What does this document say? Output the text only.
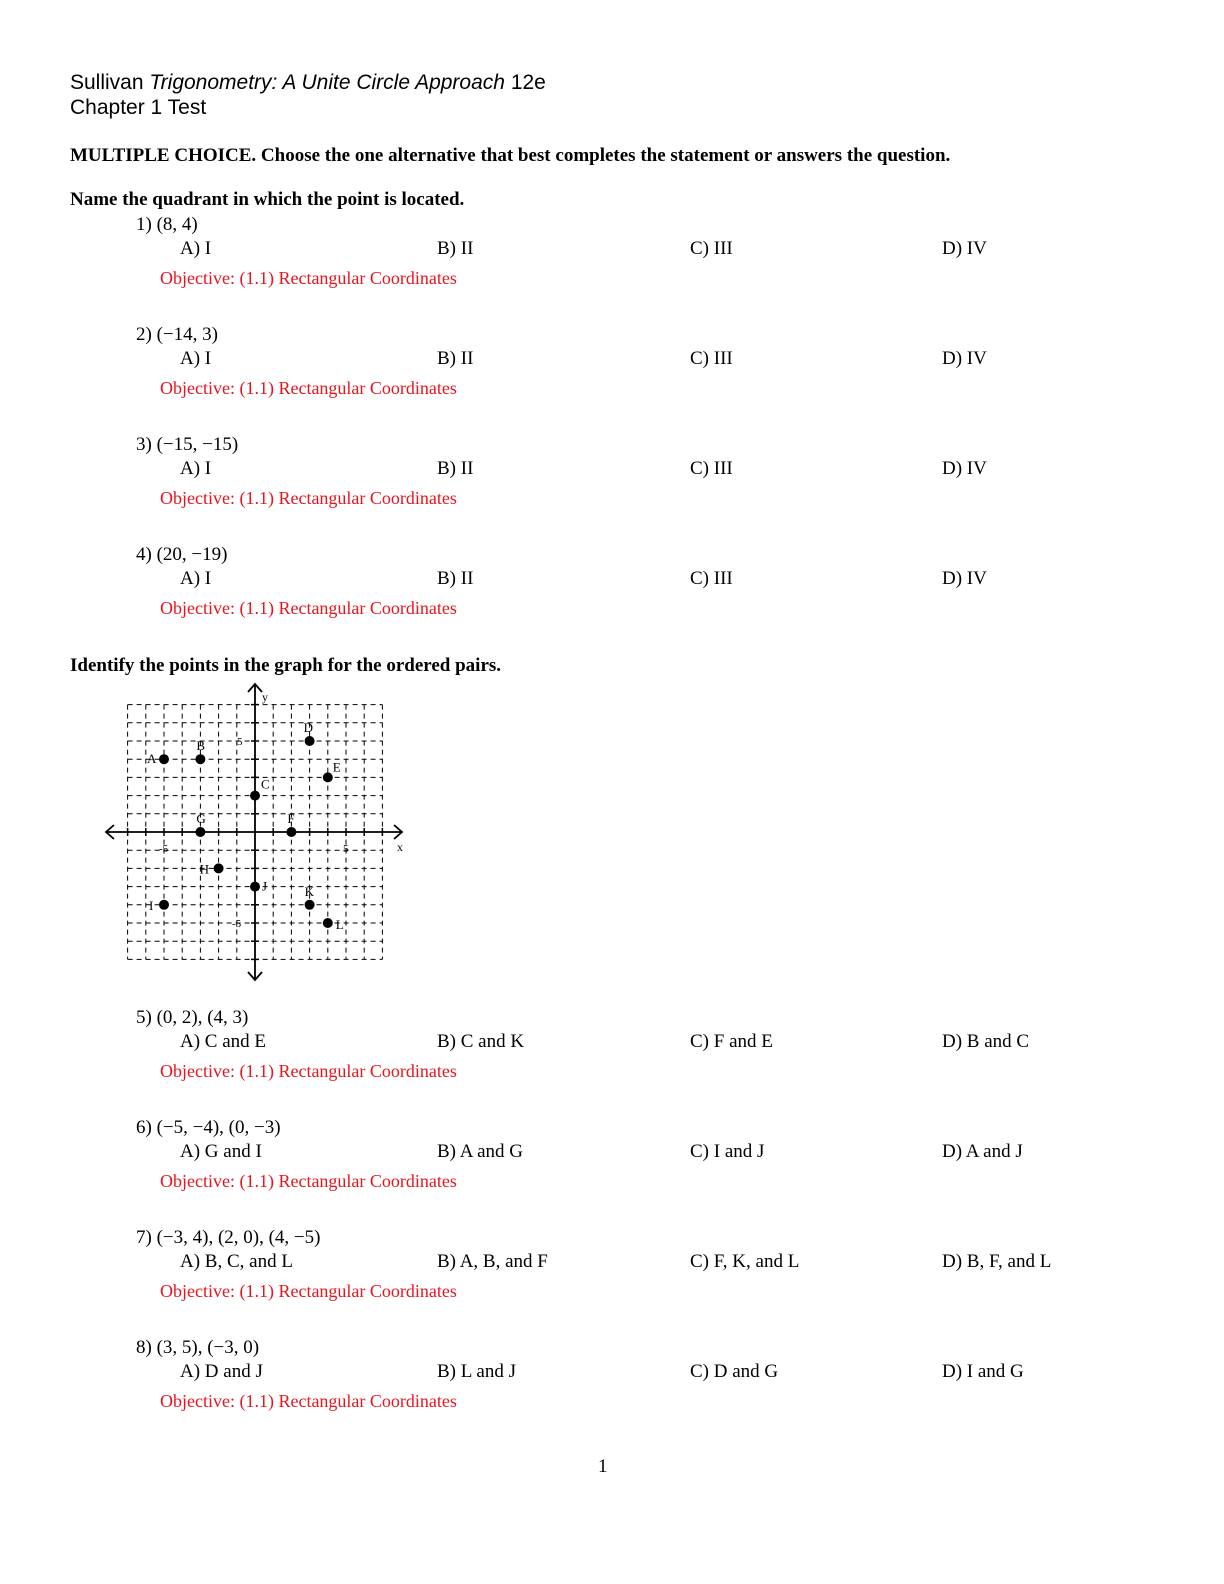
Sullivan Trigonometry: A Unite Circle Approach 12e
Chapter 1 Test
MULTIPLE CHOICE. Choose the one alternative that best completes the statement or answers the question.
Name the quadrant in which the point is located.
1) (8, 4)
A) I	B) II	C) III	D) IV
Objective: (1.1) Rectangular Coordinates
2) (−14, 3)
A) I	B) II	C) III	D) IV
Objective: (1.1) Rectangular Coordinates
3) (−15, −15)
A) I	B) II	C) III	D) IV
Objective: (1.1) Rectangular Coordinates
4) (20, −19)
A) I	B) II	C) III	D) IV
Objective: (1.1) Rectangular Coordinates
Identify the points in the graph for the ordered pairs.
x
y
-5	5
5
-5
A
B
C
D
E
F
G
H
I
J	K
L
5) (0, 2), (4, 3)
A) C and E	B) C and K	C) F and E	D) B and C
Objective: (1.1) Rectangular Coordinates
6) (−5, −4), (0, −3)
A) G and I	B) A and G	C) I and J	D) A and J
Objective: (1.1) Rectangular Coordinates
7) (−3, 4), (2, 0), (4, −5)
A) B, C, and L	B) A, B, and F	C) F, K, and L	D) B, F, and L
Objective: (1.1) Rectangular Coordinates
8) (3, 5), (−3, 0)
A) D and J	B) L and J	C) D and G	D) I and G
Objective: (1.1) Rectangular Coordinates
1
